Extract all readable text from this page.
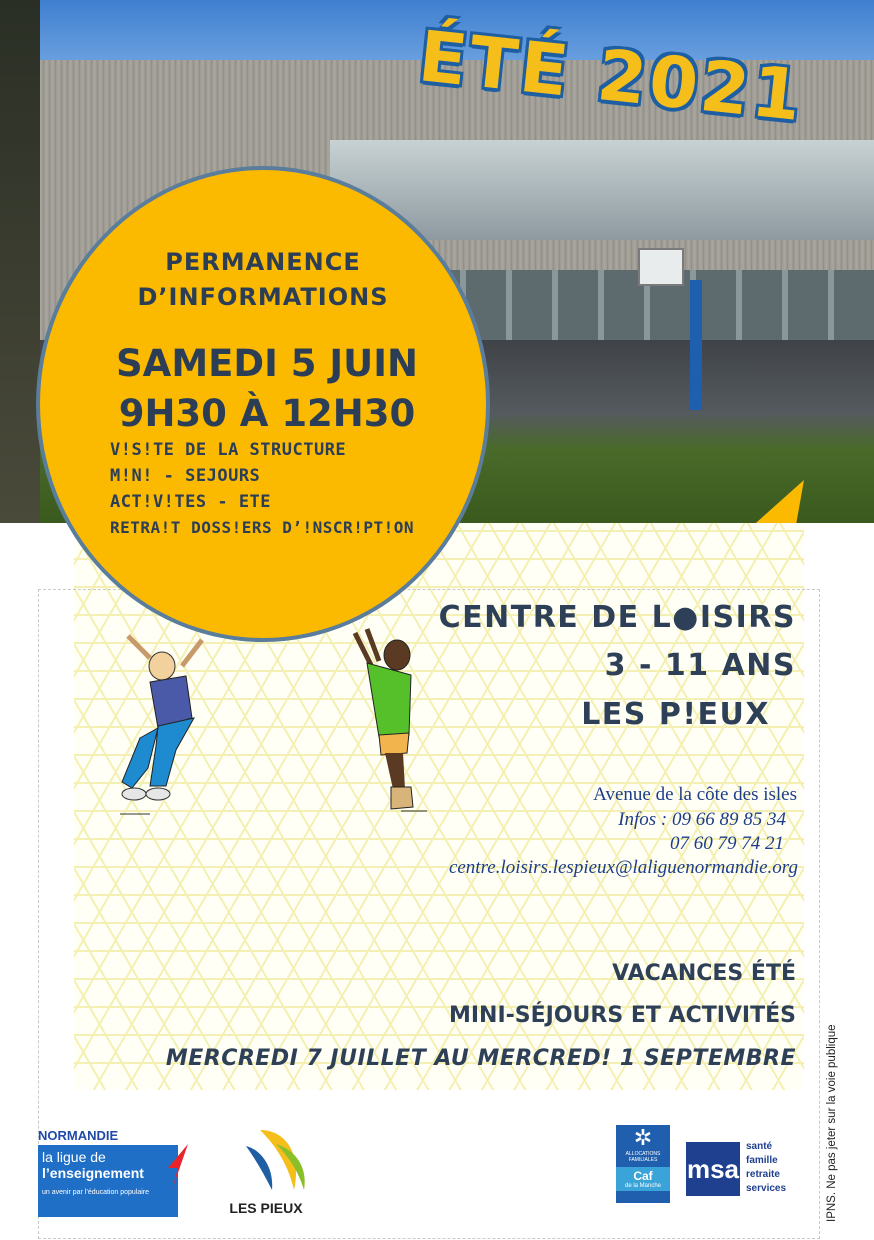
ÉTÉ 2021
PERMANENCE
D’INFORMATIONS
SAMEDI 5 JUIN
9H30 À 12H30
V!S!TE DE LA STRUCTURE
M!N! - SEJOURS
ACT!V!TES - ETE
RETRA!T DOSS!ERS D’!NSCR!PT!ON
CENTRE DE L●ISIRS
3 - 11 ANS
LES P!EUX
Avenue de la côte des isles
Infos : 09 66 89 85 34
07 60 79 74 21
centre.loisirs.lespieux@laliguenormandie.org
VACANCES ÉTÉ
MINI-SÉJOURS ET ACTIVITÉS
MERCREDI 7 JUILLET AU MERCRED! 1 SEPTEMBRE	IPNS. Ne pas jeter sur la voie publique
NORMANDIE
la ligue de
l’enseignement
un avenir par l’éducation populaire
LES PIEUX
✲
ALLOCATIONS FAMILIALES
Caf
de la Manche
msa
santé
famille
retraite
services
